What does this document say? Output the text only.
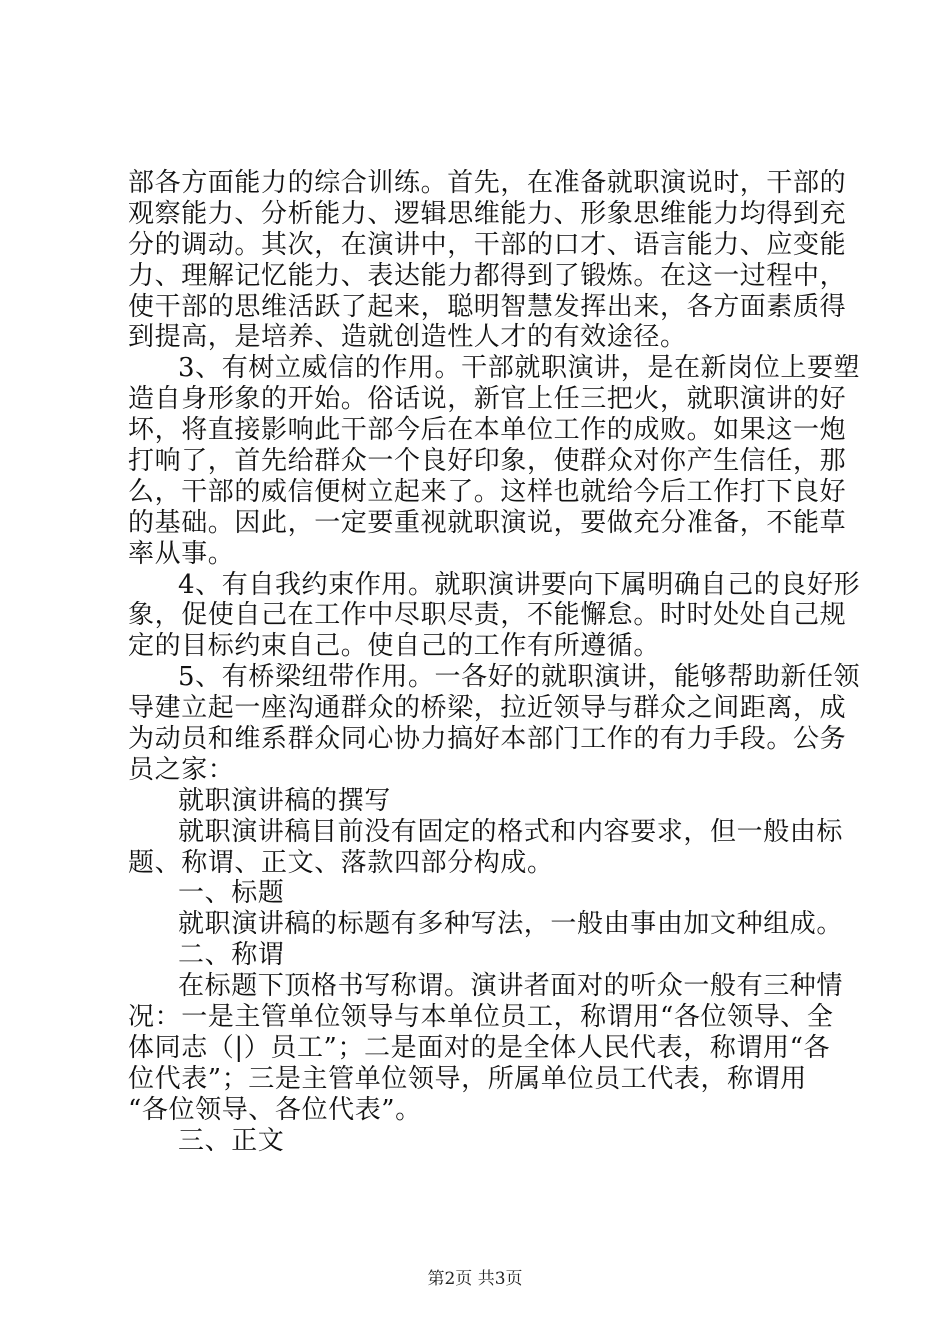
部各方面能力的综合训练。首先，在准备就职演说时，干部的
观察能力、分析能力、逻辑思维能力、形象思维能力均得到充
分的调动。其次，在演讲中，干部的口才、语言能力、应变能
力、理解记忆能力、表达能力都得到了锻炼。在这一过程中，
使干部的思维活跃了起来，聪明智慧发挥出来，各方面素质得
到提高，是培养、造就创造性人才的有效途径。
3、有树立威信的作用。干部就职演讲，是在新岗位上要塑
造自身形象的开始。俗话说，新官上任三把火，就职演讲的好
坏，将直接影响此干部今后在本单位工作的成败。如果这一炮
打响了，首先给群众一个良好印象，使群众对你产生信任，那
么，干部的威信便树立起来了。这样也就给今后工作打下良好
的基础。因此，一定要重视就职演说，要做充分准备，不能草
率从事。
4、有自我约束作用。就职演讲要向下属明确自己的良好形
象，促使自己在工作中尽职尽责，不能懈怠。时时处处自己规
定的目标约束自己。使自己的工作有所遵循。
5、有桥梁纽带作用。一各好的就职演讲，能够帮助新任领
导建立起一座沟通群众的桥梁，拉近领导与群众之间距离，成
为动员和维系群众同心协力搞好本部门工作的有力手段。公务
员之家：
就职演讲稿的撰写
就职演讲稿目前没有固定的格式和内容要求，但一般由标
题、称谓、正文、落款四部分构成。
一、标题
就职演讲稿的标题有多种写法，一般由事由加文种组成。
二、称谓
在标题下顶格书写称谓。演讲者面对的听众一般有三种情
况：一是主管单位领导与本单位员工，称谓用“各位领导、全
体同志（|）员工”；二是面对的是全体人民代表，称谓用“各
位代表”；三是主管单位领导，所属单位员工代表，称谓用
“各位领导、各位代表”。
三、正文
第2页 共3页
